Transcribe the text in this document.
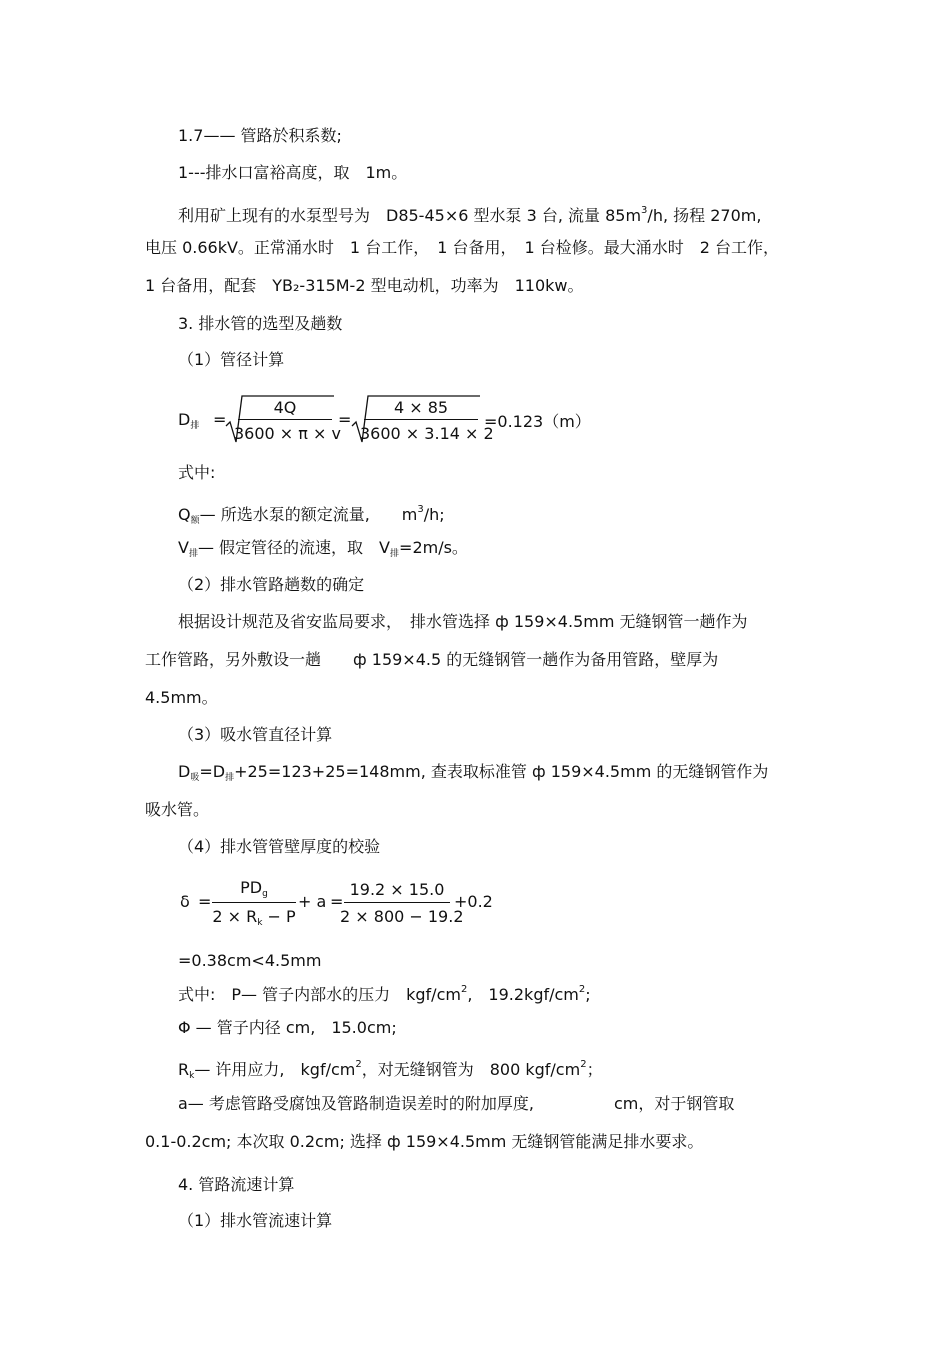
1.7—— 管路於积系数;
1---排水口富裕高度，取　1m。
利用矿上现有的水泵型号为　D85-45×6 型水泵 3 台, 流量 $85m^3/h$, 扬程 270m,
电压 0.66kV。正常涌水时　1 台工作，　1 台备用，　1 台检修。最大涌水时　2 台工作，
1 台备用，配套　YB₂-315M-2 型电动机，功率为　110kw。
3. 排水管的选型及趟数
（1）管径计算
$D_排$ =
4Q
3600 × π × v
=
4 × 85
3600 × 3.14 × 2
=0.123（m）
式中:
$Q_额—$ 所选水泵的额定流量,　　$m^3/h$;
$V_排—$ 假定管径的流速，取　$V_排=2m/s$。
（2）排水管路趟数的确定
根据设计规范及省安监局要求，　排水管选择 ф 159×4.5mm 无缝钢管一趟作为
工作管路，另外敷设一趟　　ф 159×4.5 的无缝钢管一趟作为备用管路，壁厚为
4.5mm。
（3）吸水管直径计算
$D_吸=D_排+25=123+25=148mm$, 查表取标准管 ф 159×4.5mm 的无缝钢管作为
吸水管。
（4）排水管管壁厚度的校验
δ =
$PD_g$
$2 \times R_k - P$
+ a =
19.2 × 15.0
2 × 800 − 19.2
+0.2
=0.38cm<4.5mm
式中:　P— 管子内部水的压力　kgf/$cm^2$,　$19.2kgf/cm^2$;
Φ — 管子内径 cm,　15.0cm;
$R_k—$ 许用应力,　kgf/$cm^2$，对无缝钢管为　800 kgf/$cm^2$；
a— 考虑管路受腐蚀及管路制造误差时的附加厚度,　　　　　cm，对于钢管取
0.1-0.2cm; 本次取 0.2cm; 选择 ф 159×4.5mm 无缝钢管能满足排水要求。
4. 管路流速计算
（1）排水管流速计算
